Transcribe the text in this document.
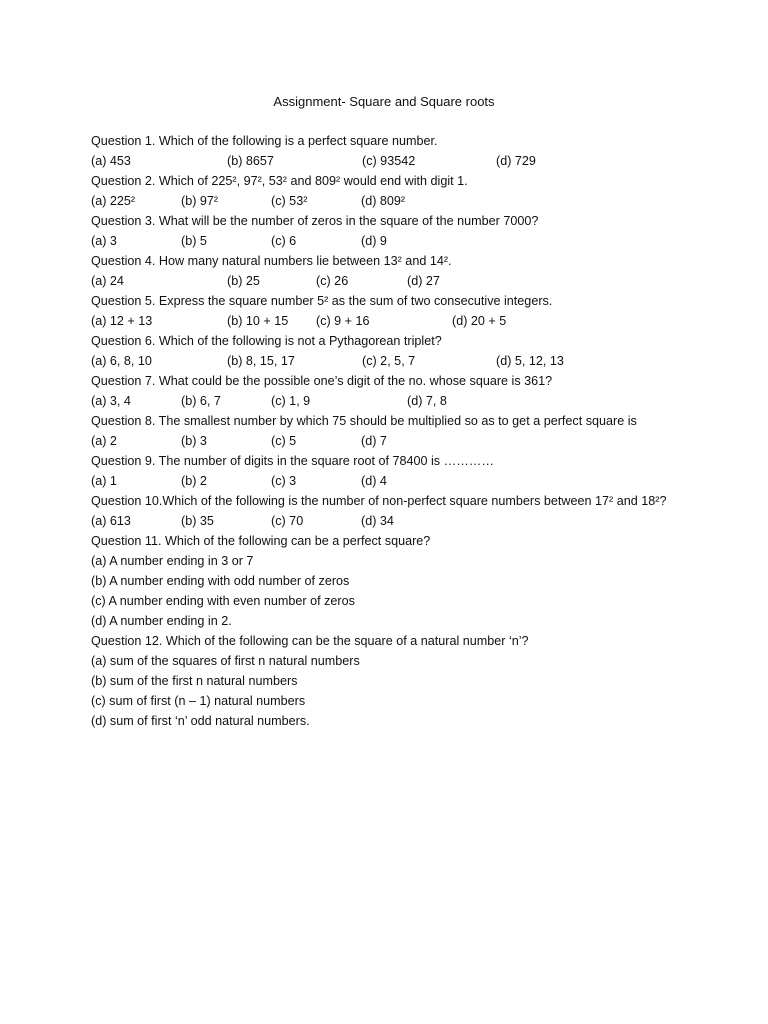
Assignment- Square and Square roots
Question 1. Which of the following is a perfect square number.
(a) 453	(b) 8657	(c) 93542	(d) 729
Question 2. Which of 225², 97², 53² and 809² would end with digit 1.
(a) 225²	(b) 97²	(c) 53²	(d) 809²
Question 3. What will be the number of zeros in the square of the number 7000?
(a) 3	(b) 5	(c) 6	(d) 9
Question 4. How many natural numbers lie between 13² and 14².
(a) 24	(b) 25	(c) 26	(d) 27
Question 5. Express the square number 5² as the sum of two consecutive integers.
(a) 12 + 13	(b) 10 + 15 (c) 9 + 16	(d) 20 + 5
Question 6. Which of the following is not a Pythagorean triplet?
(a) 6, 8, 10	(b) 8, 15, 17	(c) 2, 5, 7	(d) 5, 12, 13
Question 7. What could be the possible one’s digit of the no. whose square is 361?
(a) 3, 4	(b) 6, 7	(c) 1, 9	(d) 7, 8
Question 8. The smallest number by which 75 should be multiplied so as to get a perfect square is
(a) 2	(b) 3	(c) 5	(d) 7
Question 9. The number of digits in the square root of 78400 is …………
(a) 1	(b) 2	(c) 3	(d) 4
Question 10.Which of the following is the number of non-perfect square numbers between 17² and 18²?
(a) 613	(b) 35	(c) 70	(d) 34
Question 11. Which of the following can be a perfect square?
(a) A number ending in 3 or 7
(b) A number ending with odd number of zeros
(c) A number ending with even number of zeros
(d) A number ending in 2.
Question 12. Which of the following can be the square of a natural number ‘n’?
(a) sum of the squares of first n natural numbers
(b) sum of the first n natural numbers
(c) sum of first (n – 1) natural numbers
(d) sum of first ‘n’ odd natural numbers.
